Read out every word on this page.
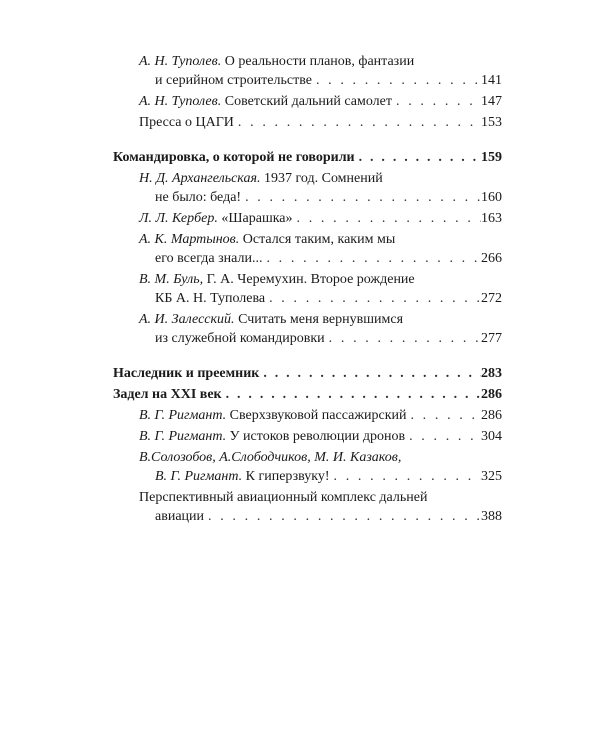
А. Н. Туполев. О реальности планов, фантазии
и серийном строительстве . . .	141
А. Н. Туполев. Советский дальний самолет . . .	147
Пресса о ЦАГИ . . .	153
Командировка, о которой не говорили . . .	159
Н. Д. Архангельская. 1937 год. Сомнений
не было: беда! . . .	160
Л. Л. Кербер. «Шарашка» . . .	163
А. К. Мартынов. Остался таким, каким мы
его всегда знали... . . .	266
В. М. Буль, Г. А. Черемухин. Второе рождение
КБ А. Н. Туполева . . .	272
А. И. Залесский. Считать меня вернувшимся
из служебной командировки . . .	277
Наследник и преемник . . .	283
Задел на XXI век . . .	286
В. Г. Ригмант. Сверхзвуковой пассажирский . . .	286
В. Г. Ригмант. У истоков революции дронов . . .	304
В.Солозобов, А.Слободчиков, М. И. Казаков,
В. Г. Ригмант. К гиперзвуку! . . .	325
Перспективный авиационный комплекс дальней
авиации . . .	388
